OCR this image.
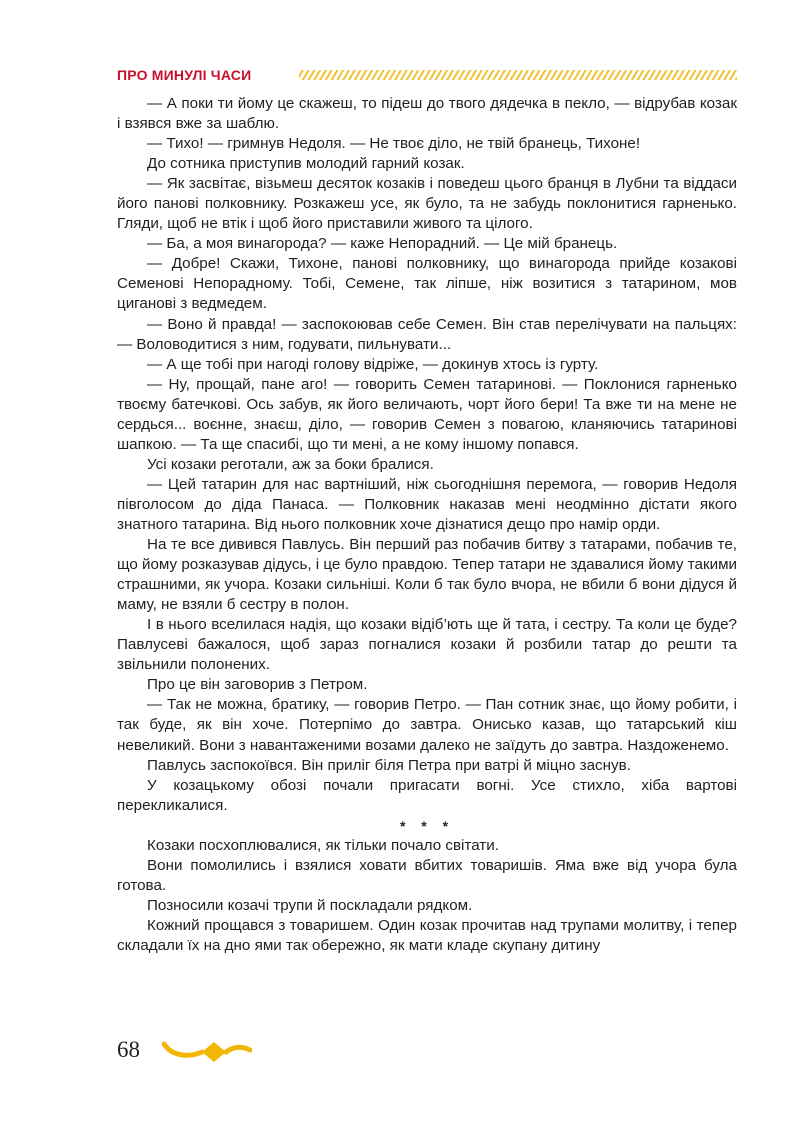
ПРО МИНУЛІ ЧАСИ

— А поки ти йому це скажеш, то підеш до твого дядечка в пекло, — відрубав козак і взявся вже за шаблю.

— Тихо! — гримнув Недоля. — Не твоє діло, не твій бранець, Тихоне!

До сотника приступив молодий гарний козак.

— Як засвітає, візьмеш десяток козаків і поведеш цього бранця в Лубни та віддаси його панові полковнику. Розкажеш усе, як було, та не забудь поклонитися гарненько. Гляди, щоб не втік і щоб його приставили живого та цілого.

— Ба, а моя винагорода? — каже Непорадний. — Це мій бранець.

— Добре! Скажи, Тихоне, панові полковнику, що винагорода прийде козакові Семенові Непорадному. Тобі, Семене, так ліпше, ніж возитися з татарином, мов циганові з ведмедем.

— Воно й правда! — заспокоював себе Семен. Він став перелічувати на пальцях: — Воловодитися з ним, годувати, пильнувати...

— А ще тобі при нагоді голову відріже, — докинув хтось із гурту.

— Ну, прощай, пане аго! — говорить Семен татаринові. — Поклонися гарненько твоєму батечкові. Ось забув, як його величають, чорт його бери! Та вже ти на мене не сердься... воєнне, знаєш, діло, — говорив Семен з повагою, кланяючись татаринові шапкою. — Та ще спасибі, що ти мені, а не кому іншому попався.

Усі козаки реготали, аж за боки бралися.

— Цей татарин для нас вартніший, ніж сьогоднішня перемога, — говорив Недоля півголосом до діда Панаса. — Полковник наказав мені неодмінно дістати якого знатного татарина. Від нього полковник хоче дізнатися дещо про намір орди.

На те все дивився Павлусь. Він перший раз побачив битву з татарами, побачив те, що йому розказував дідусь, і це було правдою. Тепер татари не здавалися йому такими страшними, як учора. Козаки сильніші. Коли б так було вчора, не вбили б вони дідуся й маму, не взяли б сестру в полон.

І в нього вселилася надія, що козаки відіб’ють ще й тата, і сестру. Та коли це буде? Павлусеві бажалося, щоб зараз погналися козаки й розбили татар до решти та звільнили полонених.

Про це він заговорив з Петром.

— Так не можна, братику, — говорив Петро. — Пан сотник знає, що йому робити, і так буде, як він хоче. Потерпімо до завтра. Онисько казав, що татарський кіш невеликий. Вони з навантаженими возами далеко не заїдуть до завтра. Наздоженемо.

Павлусь заспокоївся. Він приліг біля Петра при ватрі й міцно заснув.

У козацькому обозі почали пригасати вогні. Усе стихло, хіба вартові перекликалися.

* * *

Козаки посхоплювалися, як тільки почало світати.

Вони помолились і взялися ховати вбитих товаришів. Яма вже від учора була готова.

Позносили козачі трупи й поскладали рядком.

Кожний прощався з товаришем. Один козак прочитав над трупами молитву, і тепер складали їх на дно ями так обережно, як мати кладе скупану дитину

68
